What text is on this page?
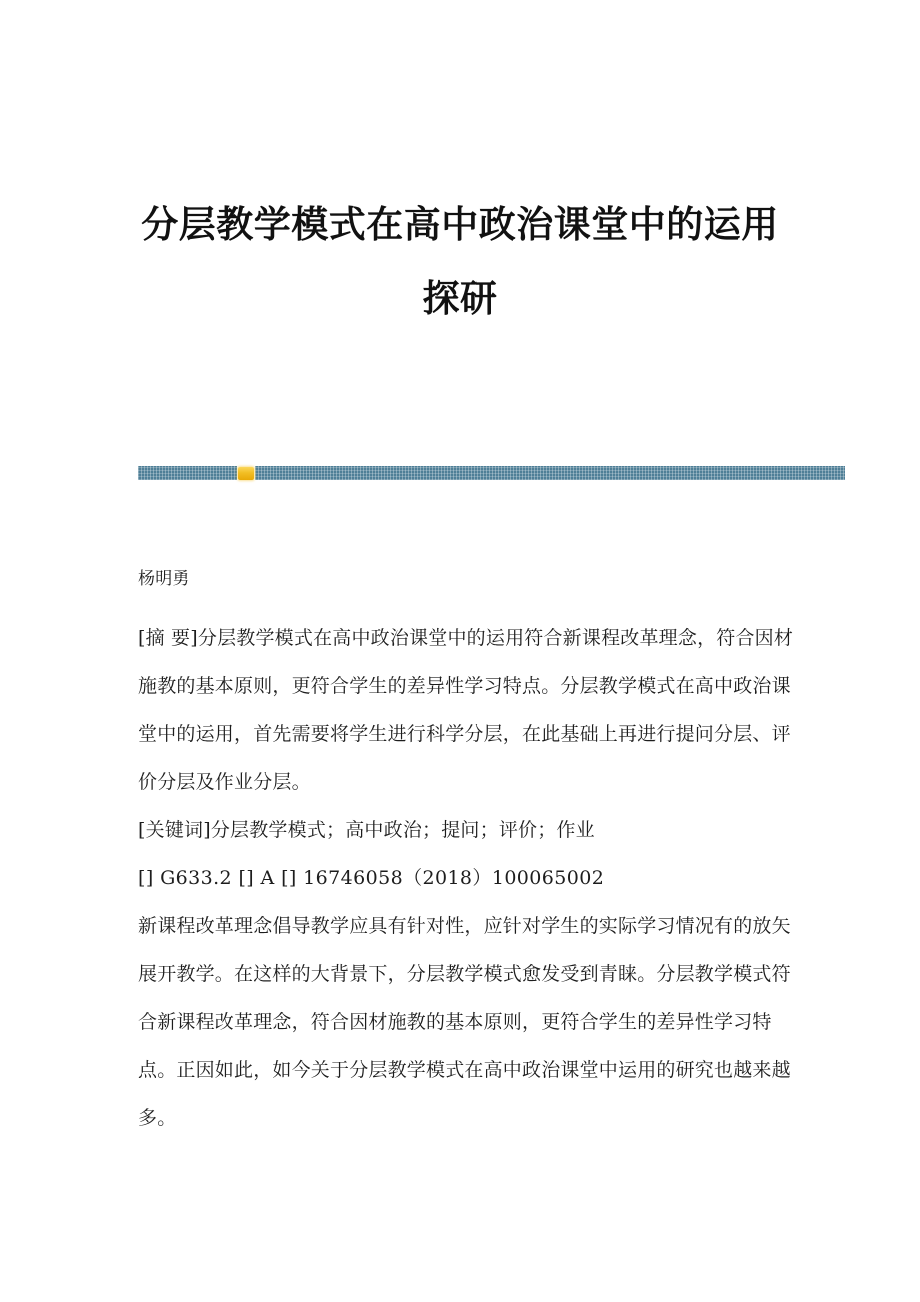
分层教学模式在高中政治课堂中的运用
探研

杨明勇

[摘 要]分层教学模式在高中政治课堂中的运用符合新课程改革理念，符合因材

施教的基本原则，更符合学生的差异性学习特点。分层教学模式在高中政治课

堂中的运用，首先需要将学生进行科学分层，在此基础上再进行提问分层、评

价分层及作业分层。

[关键词]分层教学模式；高中政治；提问；评价；作业

[] G633.2 [] A [] 16746058（2018）100065002

新课程改革理念倡导教学应具有针对性，应针对学生的实际学习情况有的放矢

展开教学。在这样的大背景下，分层教学模式愈发受到青睐。分层教学模式符

合新课程改革理念，符合因材施教的基本原则，更符合学生的差异性学习特

点。正因如此，如今关于分层教学模式在高中政治课堂中运用的研究也越来越

多。
